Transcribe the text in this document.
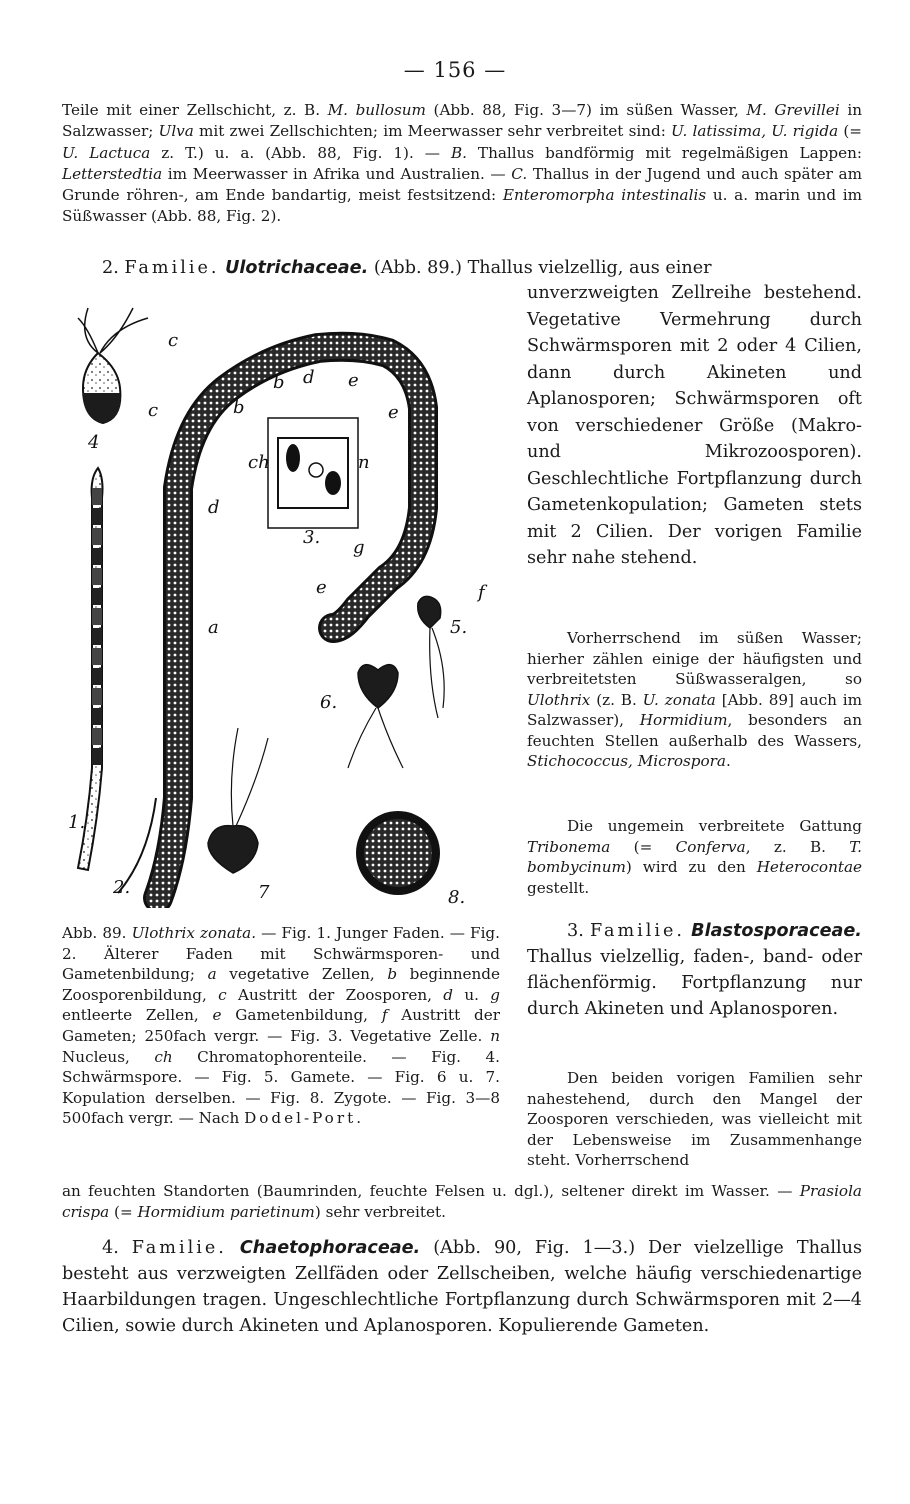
— 156 —

Teile mit einer Zellschicht, z. B. M. bullosum (Abb. 88, Fig. 3—7) im süßen Wasser, M. Grevillei in Salzwasser; Ulva mit zwei Zellschichten; im Meerwasser sehr verbreitet sind: U. latissima, U. rigida (= U. Lactuca z. T.) u. a. (Abb. 88, Fig. 1). — B. Thallus bandförmig mit regelmäßigen Lappen: Letterstedtia im Meerwasser in Afrika und Australien. — C. Thallus in der Jugend und auch später am Grunde röhren-, am Ende bandartig, meist festsitzend: Enteromorpha intestinalis u. a. marin und im Süßwasser (Abb. 88, Fig. 2).

2. Familie. Ulotrichaceae. (Abb. 89.) Thallus vielzellig, aus einer

unverzweigten Zellreihe bestehend. Vegetative Vermehrung durch Schwärmsporen mit 2 oder 4 Cilien, dann durch Akineten und Aplanosporen; Schwärmsporen oft von verschiedener Größe (Makro- und Mikrozoosporen). Geschlechtliche Fortpflanzung durch Gametenkopulation; Gameten stets mit 2 Cilien. Der vorigen Familie sehr nahe stehend.

Vorherrschend im süßen Wasser; hierher zählen einige der häufigsten und verbreitetsten Süßwasseralgen, so Ulothrix (z. B. U. zonata [Abb. 89] auch im Salzwasser), Hormidium, besonders an feuchten Stellen außerhalb des Wassers, Stichococcus, Microspora.

Die ungemein verbreitete Gattung Tribonema (= Conferva, z. B. T. bombycinum) wird zu den Heterocontae gestellt.

1.
2.
3.
4
5.
6.
7	8.
a
b
b
c
c
d
d e
e
e	f
g
ch	n

Abb. 89. Ulothrix zonata. — Fig. 1. Junger Faden. — Fig. 2. Älterer Faden mit Schwärmsporen- und Gametenbildung; a vegetative Zellen, b beginnende Zoosporenbildung, c Austritt der Zoosporen, d u. g entleerte Zellen, e Gametenbildung, f Austritt der Gameten; 250fach vergr. — Fig. 3. Vegetative Zelle. n Nucleus, ch Chromatophorenteile. — Fig. 4. Schwärmspore. — Fig. 5. Gamete. — Fig. 6 u. 7. Kopulation derselben. — Fig. 8. Zygote. — Fig. 3—8 500fach vergr. — Nach Dodel-Port.

3. Familie. Blastosporaceae. Thallus vielzellig, faden-, band- oder flächenförmig. Fortpflanzung nur durch Akineten und Aplanosporen.

Den beiden vorigen Familien sehr nahestehend, durch den Mangel der Zoosporen verschieden, was vielleicht mit der Lebensweise im Zusammenhange steht. Vorherrschend

an feuchten Standorten (Baumrinden, feuchte Felsen u. dgl.), seltener direkt im Wasser. — Prasiola crispa (= Hormidium parietinum) sehr verbreitet.

4. Familie. Chaetophoraceae. (Abb. 90, Fig. 1—3.) Der vielzellige Thallus besteht aus verzweigten Zellfäden oder Zellscheiben, welche häufig verschiedenartige Haarbildungen tragen. Ungeschlechtliche Fortpflanzung durch Schwärmsporen mit 2—4 Cilien, sowie durch Akineten und Aplanosporen. Kopulierende Gameten.
